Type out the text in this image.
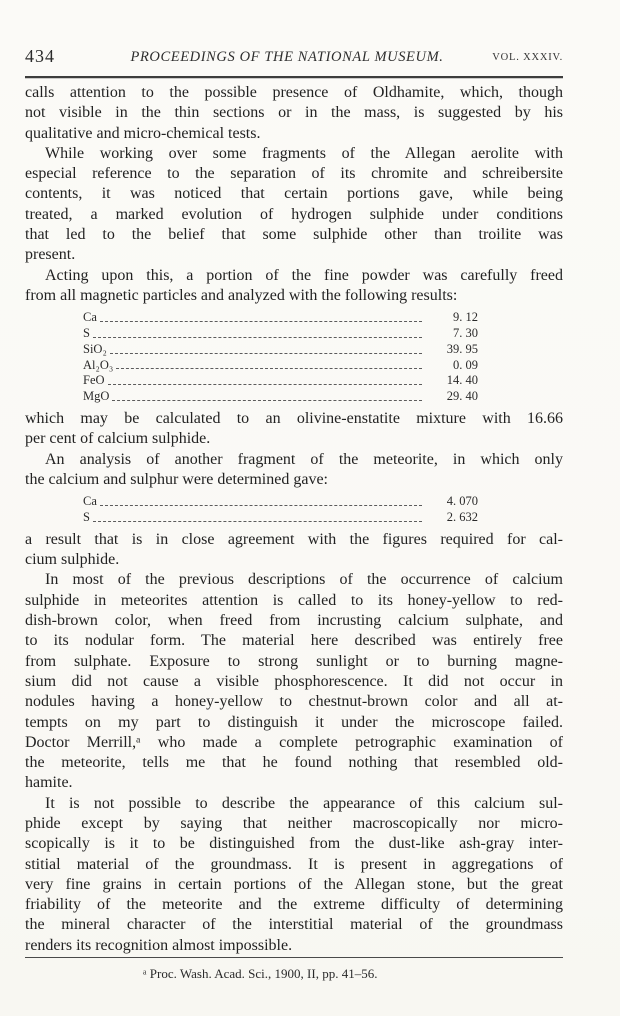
434	PROCEEDINGS OF THE NATIONAL MUSEUM.	VOL. XXXIV.
calls attention to the possible presence of Oldhamite, which, though
not visible in the thin sections or in the mass, is suggested by his
qualitative and micro-chemical tests.
While working over some fragments of the Allegan aerolite with
especial reference to the separation of its chromite and schreibersite
contents, it was noticed that certain portions gave, while being
treated, a marked evolution of hydrogen sulphide under conditions
that led to the belief that some sulphide other than troilite was
present.
Acting upon this, a portion of the fine powder was carefully freed
from all magnetic particles and analyzed with the following results:
Ca	9. 12
S	7. 30
SiO₂	39. 95
Al₂O₃	0. 09
FeO	14. 40
MgO	29. 40
which may be calculated to an olivine-enstatite mixture with 16.66
per cent of calcium sulphide.
An analysis of another fragment of the meteorite, in which only
the calcium and sulphur were determined gave:
Ca	4. 070
S	2. 632
a result that is in close agreement with the figures required for cal-
cium sulphide.
In most of the previous descriptions of the occurrence of calcium
sulphide in meteorites attention is called to its honey-yellow to red-
dish-brown color, when freed from incrusting calcium sulphate, and
to its nodular form. The material here described was entirely free
from sulphate. Exposure to strong sunlight or to burning magne-
sium did not cause a visible phosphorescence. It did not occur in
nodules having a honey-yellow to chestnut-brown color and all at-
tempts on my part to distinguish it under the microscope failed.
Doctor Merrill,ᵃ who made a complete petrographic examination of
the meteorite, tells me that he found nothing that resembled old-
hamite.
It is not possible to describe the appearance of this calcium sul-
phide except by saying that neither macroscopically nor micro-
scopically is it to be distinguished from the dust-like ash-gray inter-
stitial material of the groundmass. It is present in aggregations of
very fine grains in certain portions of the Allegan stone, but the great
friability of the meteorite and the extreme difficulty of determining
the mineral character of the interstitial material of the groundmass
renders its recognition almost impossible.
ᵃ Proc. Wash. Acad. Sci., 1900, II, pp. 41–56.
